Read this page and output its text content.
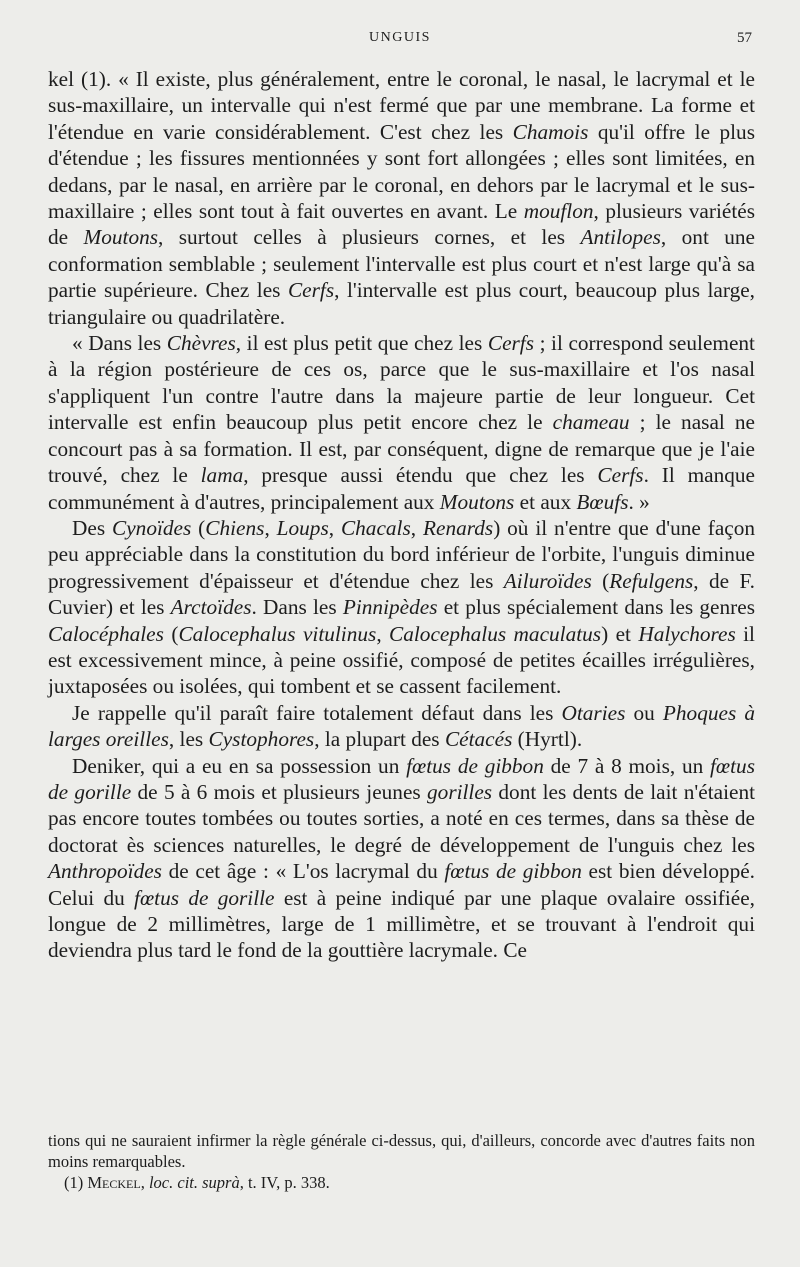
UNGUIS	57

kel (1). « Il existe, plus généralement, entre le coronal, le nasal, le lacrymal et le sus-maxillaire, un intervalle qui n'est fermé que par une membrane. La forme et l'étendue en varie considérablement. C'est chez les Chamois qu'il offre le plus d'étendue ; les fissures mentionnées y sont fort allongées ; elles sont limitées, en dedans, par le nasal, en arrière par le coronal, en dehors par le lacrymal et le sus-maxillaire ; elles sont tout à fait ouvertes en avant. Le mouflon, plusieurs variétés de Moutons, surtout celles à plusieurs cornes, et les Antilopes, ont une conformation semblable ; seulement l'intervalle est plus court et n'est large qu'à sa partie supérieure. Chez les Cerfs, l'intervalle est plus court, beaucoup plus large, triangulaire ou quadrilatère.

« Dans les Chèvres, il est plus petit que chez les Cerfs ; il correspond seulement à la région postérieure de ces os, parce que le sus-maxillaire et l'os nasal s'appliquent l'un contre l'autre dans la majeure partie de leur longueur. Cet intervalle est enfin beaucoup plus petit encore chez le chameau ; le nasal ne concourt pas à sa formation. Il est, par conséquent, digne de remarque que je l'aie trouvé, chez le lama, presque aussi étendu que chez les Cerfs. Il manque communément à d'autres, principalement aux Moutons et aux Bœufs. »

Des Cynoïdes (Chiens, Loups, Chacals, Renards) où il n'entre que d'une façon peu appréciable dans la constitution du bord inférieur de l'orbite, l'unguis diminue progressivement d'épaisseur et d'étendue chez les Ailuroïdes (Refulgens, de F. Cuvier) et les Arctoïdes. Dans les Pinnipèdes et plus spécialement dans les genres Calocéphales (Calocephalus vitulinus, Calocephalus maculatus) et Halychores il est excessivement mince, à peine ossifié, composé de petites écailles irrégulières, juxtaposées ou isolées, qui tombent et se cassent facilement.

Je rappelle qu'il paraît faire totalement défaut dans les Otaries ou Phoques à larges oreilles, les Cystophores, la plupart des Cétacés (Hyrtl).

Deniker, qui a eu en sa possession un fœtus de gibbon de 7 à 8 mois, un fœtus de gorille de 5 à 6 mois et plusieurs jeunes gorilles dont les dents de lait n'étaient pas encore toutes tombées ou toutes sorties, a noté en ces termes, dans sa thèse de doctorat ès sciences naturelles, le degré de développement de l'unguis chez les Anthropoïdes de cet âge : « L'os lacrymal du fœtus de gibbon est bien développé. Celui du fœtus de gorille est à peine indiqué par une plaque ovalaire ossifiée, longue de 2 millimètres, large de 1 millimètre, et se trouvant à l'endroit qui deviendra plus tard le fond de la gouttière lacrymale. Ce

tions qui ne sauraient infirmer la règle générale ci-dessus, qui, d'ailleurs, concorde avec d'autres faits non moins remarquables.

(1) Meckel, loc. cit. suprà, t. IV, p. 338.
